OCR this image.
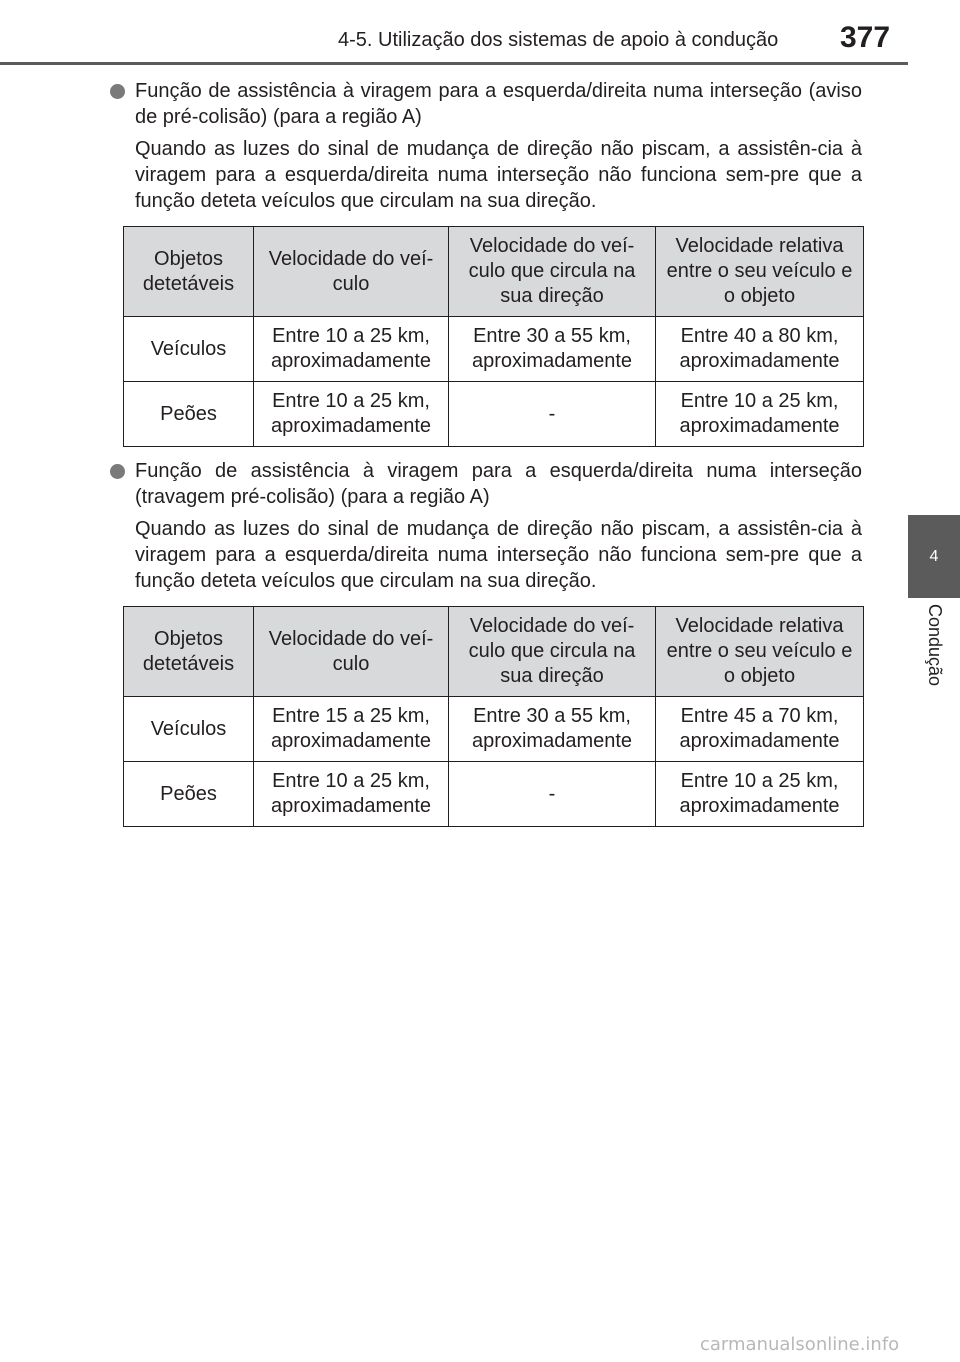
4-5. Utilização dos sistemas de apoio à condução 377
4
Condução

Função de assistência à viragem para a esquerda/direita numa interseção (aviso de pré-colisão) (para a região A)

Quando as luzes do sinal de mudança de direção não piscam, a assistên-cia à viragem para a esquerda/direita numa interseção não funciona sem-pre que a função deteta veículos que circulam na sua direção.

Objetos detetáveis	Velocidade do veí-culo	Velocidade do veí-culo que circula na sua direção	Velocidade relativa entre o seu veículo e o objeto
Veículos	Entre 10 a 25 km, aproximadamente	Entre 30 a 55 km, aproximadamente	Entre 40 a 80 km, aproximadamente
Peões	Entre 10 a 25 km, aproximadamente	-	Entre 10 a 25 km, aproximadamente

Função de assistência à viragem para a esquerda/direita numa interseção (travagem pré-colisão) (para a região A)

Quando as luzes do sinal de mudança de direção não piscam, a assistên-cia à viragem para a esquerda/direita numa interseção não funciona sem-pre que a função deteta veículos que circulam na sua direção.

Objetos detetáveis	Velocidade do veí-culo	Velocidade do veí-culo que circula na sua direção	Velocidade relativa entre o seu veículo e o objeto
Veículos	Entre 15 a 25 km, aproximadamente	Entre 30 a 55 km, aproximadamente	Entre 45 a 70 km, aproximadamente
Peões	Entre 10 a 25 km, aproximadamente	-	Entre 10 a 25 km, aproximadamente
carmanualsonline.info
